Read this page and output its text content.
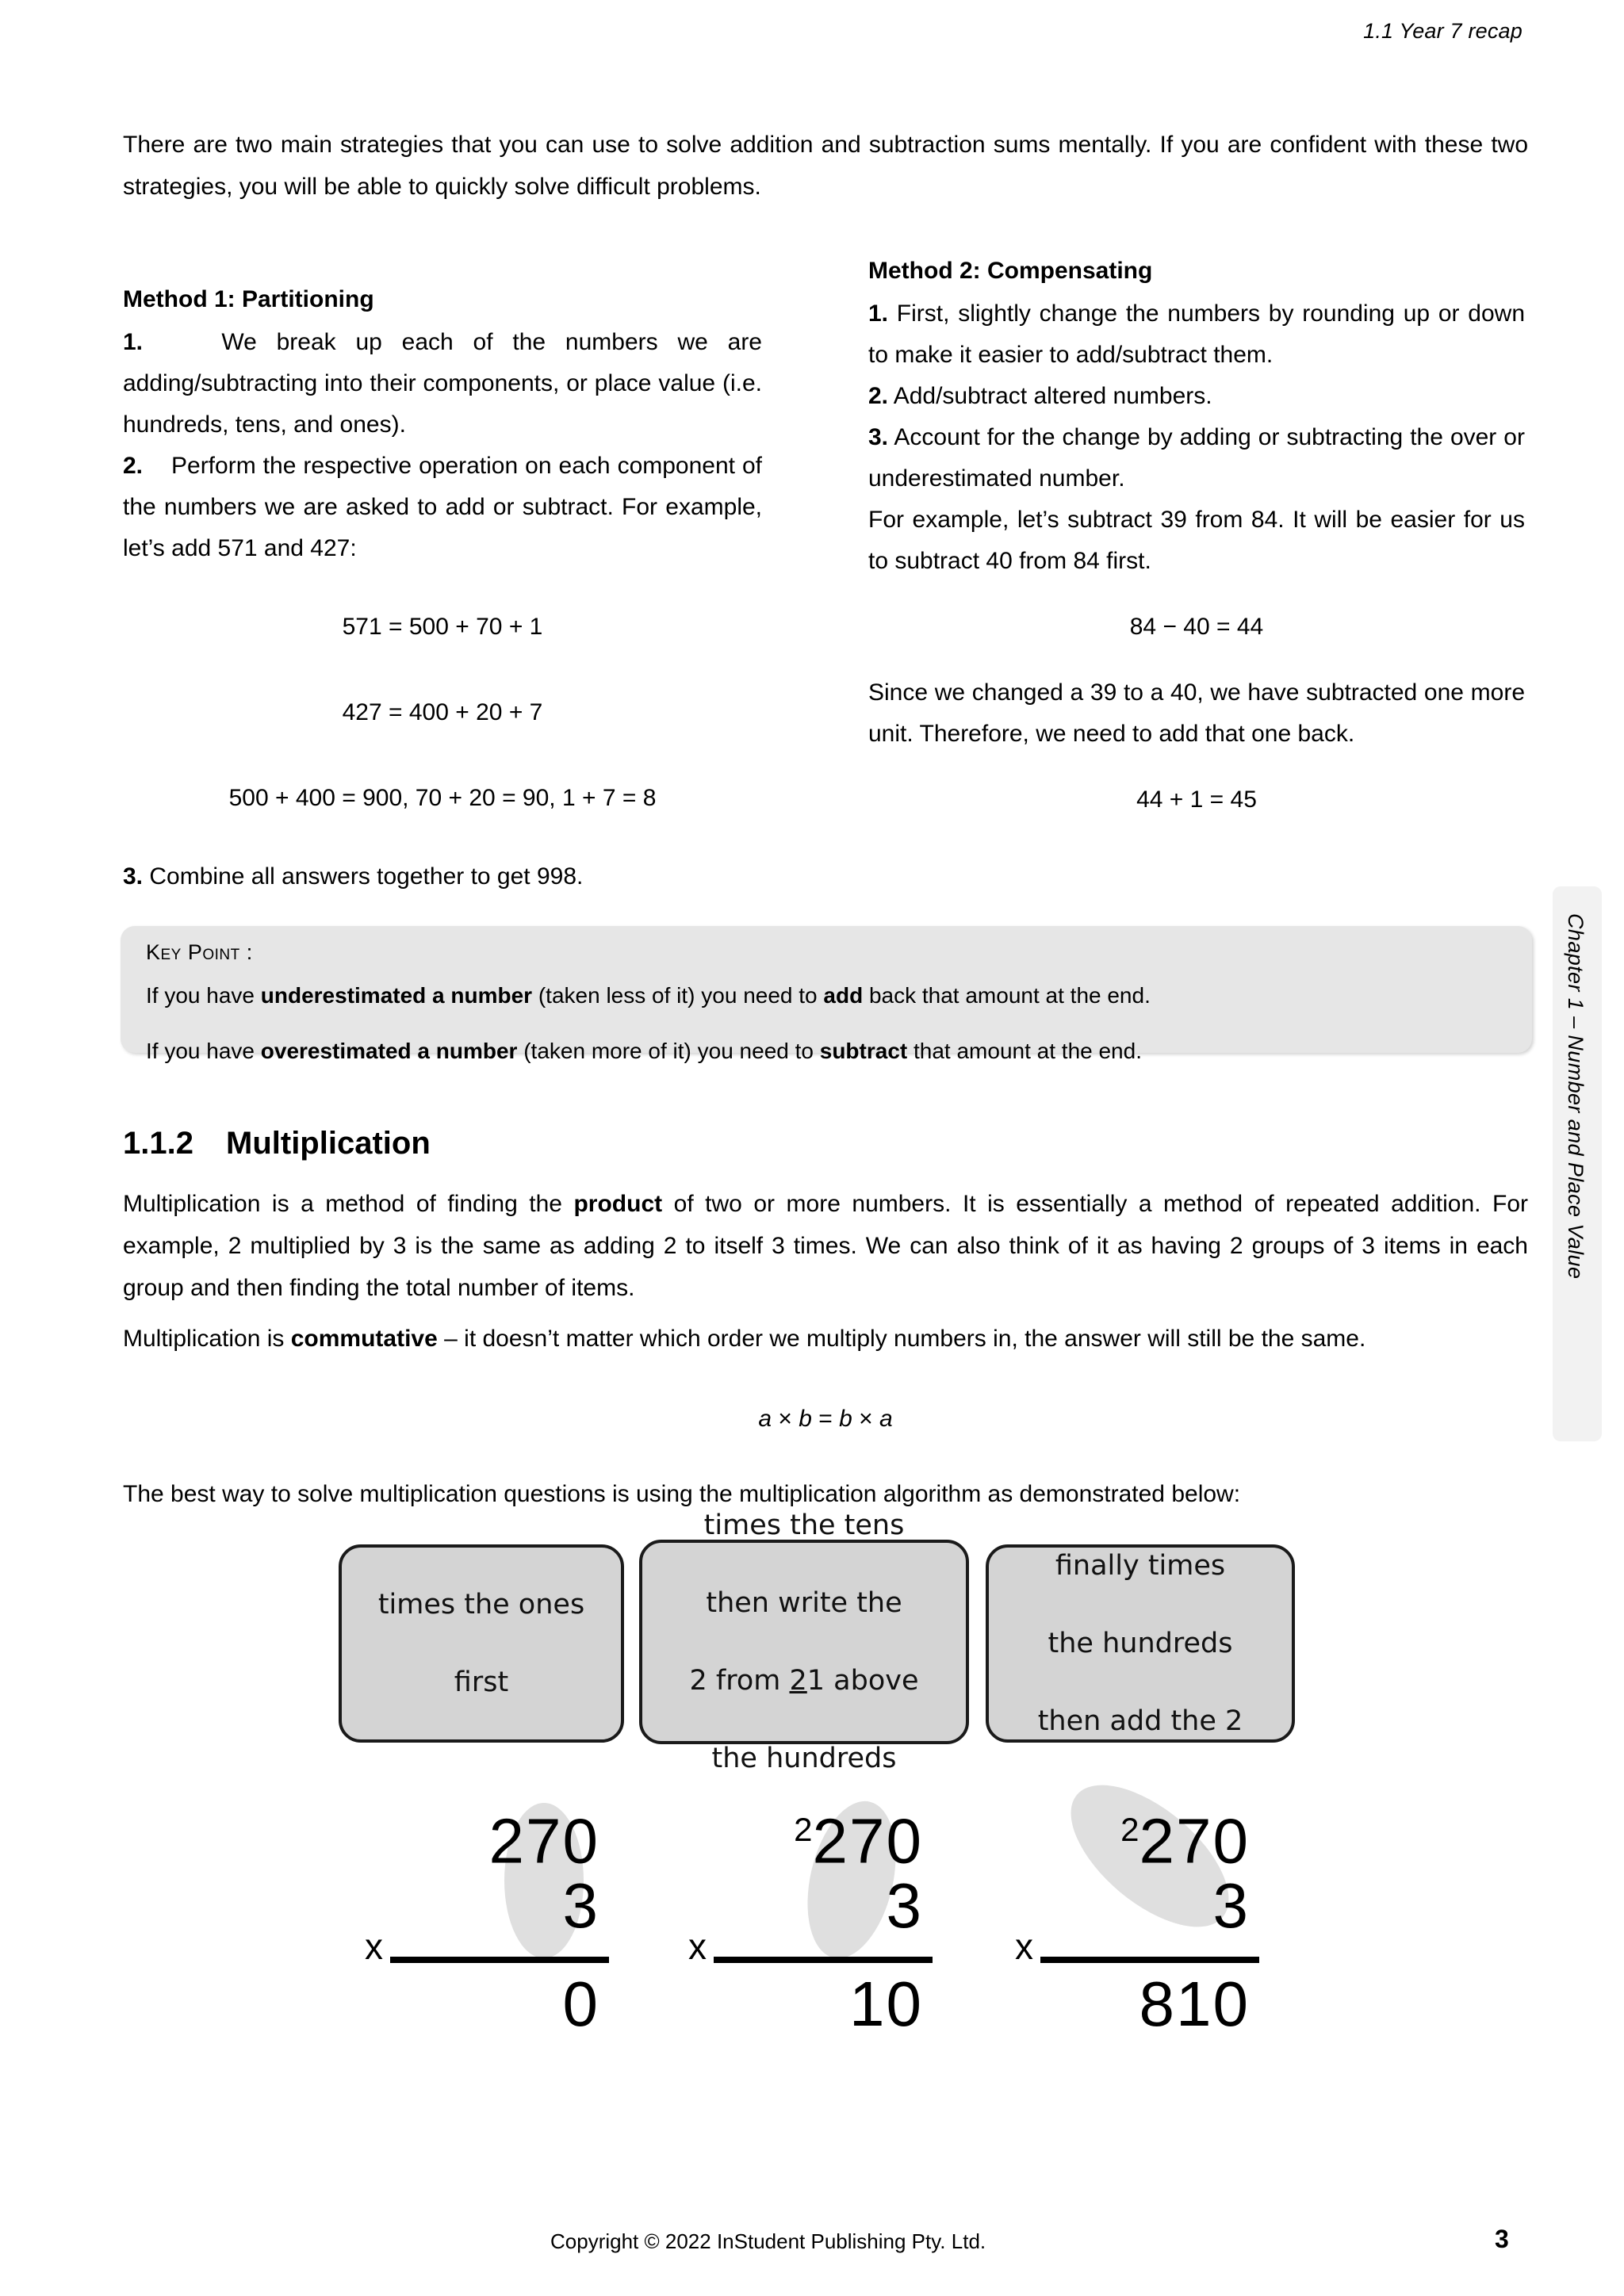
1.1 Year 7 recap
Chapter 1 – Number and Place Value

There are two main strategies that you can use to solve addition and subtraction sums mentally. If you are confident with these two strategies, you will be able to quickly solve difficult problems.

Method 1: Partitioning

1.	We break up each of the numbers we are adding/subtracting into their components, or place value (i.e. hundreds, tens, and ones).

2. Perform the respective operation on each component of the numbers we are asked to add or subtract. For example, let’s add 571 and 427:

571 = 500 + 70 + 1

427 = 400 + 20 + 7

500 + 400 = 900, 70 + 20 = 90, 1 + 7 = 8

3. Combine all answers together to get 998.

Method 2: Compensating

1. First, slightly change the numbers by rounding up or down to make it easier to add/subtract them.

2. Add/subtract altered numbers.

3. Account for the change by adding or subtracting the over or underestimated number.

For example, let’s subtract 39 from 84. It will be easier for us to subtract 40 from 84 first.

84 − 40 = 44

Since we changed a 39 to a 40, we have subtracted one more unit. Therefore, we need to add that one back.

44 + 1 = 45

Key Point :
If you have underestimated a number (taken less of it) you need to add back that amount at the end.
If you have overestimated a number (taken more of it) you need to subtract that amount at the end.
1.1.2 Multiplication

Multiplication is a method of finding the product of two or more numbers. It is essentially a method of repeated addition. For example, 2 multiplied by 3 is the same as adding 2 to itself 3 times. We can also think of it as having 2 groups of 3 items in each group and then finding the total number of items.

Multiplication is commutative – it doesn’t matter which order we multiply numbers in, the answer will still be the same.

a × b = b × a

The best way to solve multiplication questions is using the multiplication algorithm as demonstrated below:

times the ones

first
times the tens

then write the

2 from 21 above

the hundreds
finally times

the hundreds

then add the 2
x
270
3
0
x
$^2$270
3
10
x
$^2$270
3
810
Copyright © 2022 InStudent Publishing Pty. Ltd.	3
